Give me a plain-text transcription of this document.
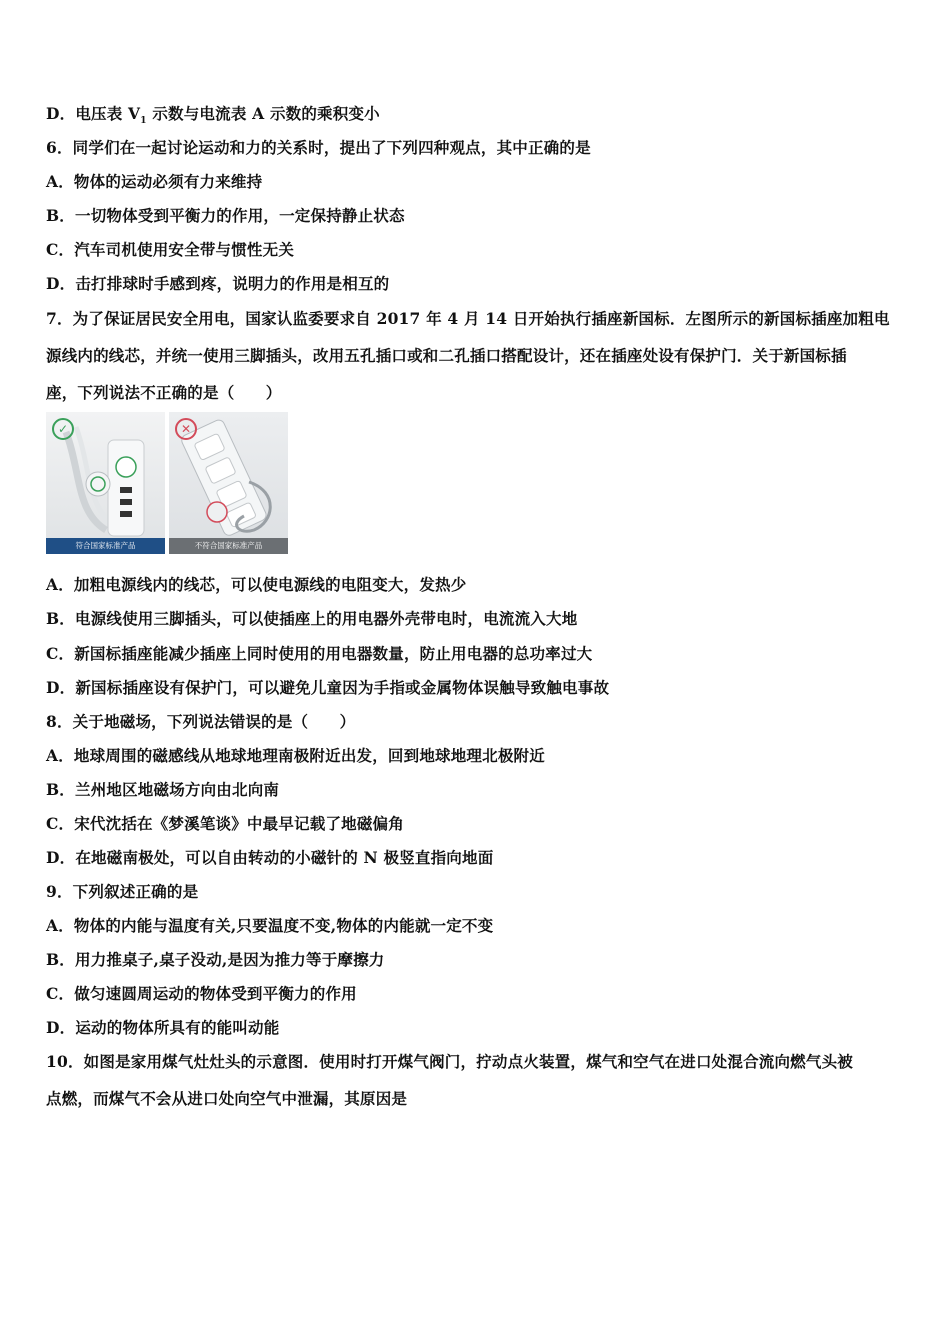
D．电压表 $V_1$ 示数与电流表 A 示数的乘积变小
6．同学们在一起讨论运动和力的关系时，提出了下列四种观点，其中正确的是
A．物体的运动必须有力来维持
B．一切物体受到平衡力的作用，一定保持静止状态
C．汽车司机使用安全带与惯性无关
D．击打排球时手感到疼，说明力的作用是相互的
7．为了保证居民安全用电，国家认监委要求自 2017 年 4 月 14 日开始执行插座新国标．左图所示的新国标插座加粗电
源线内的线芯，并统一使用三脚插头，改用五孔插口或和二孔插口搭配设计，还在插座处设有保护门．关于新国标插
座，下列说法不正确的是（　　）
✓
符合国家标准产品
✕
不符合国家标准产品
A．加粗电源线内的线芯，可以使电源线的电阻变大，发热少
B．电源线使用三脚插头，可以使插座上的用电器外壳带电时，电流流入大地
C．新国标插座能减少插座上同时使用的用电器数量，防止用电器的总功率过大
D．新国标插座设有保护门，可以避免儿童因为手指或金属物体误触导致触电事故
8．关于地磁场，下列说法错误的是（　　）
A．地球周围的磁感线从地球地理南极附近出发，回到地球地理北极附近
B．兰州地区地磁场方向由北向南
C．宋代沈括在《梦溪笔谈》中最早记载了地磁偏角
D．在地磁南极处，可以自由转动的小磁针的 N 极竖直指向地面
9．下列叙述正确的是
A．物体的内能与温度有关,只要温度不变,物体的内能就一定不变
B．用力推桌子,桌子没动,是因为推力等于摩擦力
C．做匀速圆周运动的物体受到平衡力的作用
D．运动的物体所具有的能叫动能
10．如图是家用煤气灶灶头的示意图．使用时打开煤气阀门，拧动点火装置，煤气和空气在进口处混合流向燃气头被
点燃，而煤气不会从进口处向空气中泄漏，其原因是
